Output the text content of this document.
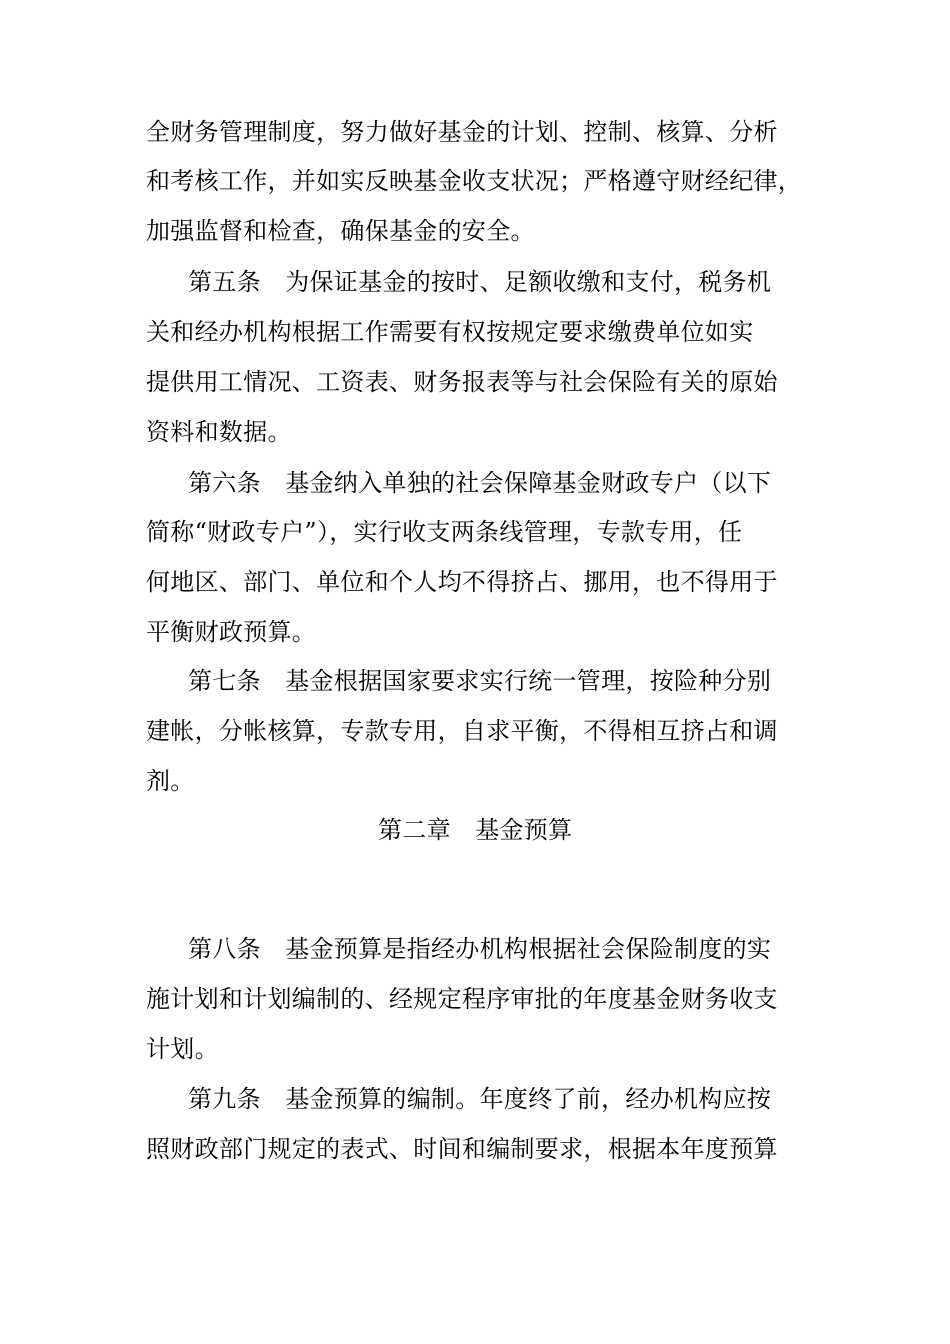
全财务管理制度，努力做好基金的计划、控制、核算、分析
和考核工作，并如实反映基金收支状况；严格遵守财经纪律，
加强监督和检查，确保基金的安全。
第五条　为保证基金的按时、足额收缴和支付，税务机
关和经办机构根据工作需要有权按规定要求缴费单位如实
提供用工情况、工资表、财务报表等与社会保险有关的原始
资料和数据。
第六条　基金纳入单独的社会保障基金财政专户（以下
简称“财政专户”），实行收支两条线管理，专款专用，任
何地区、部门、单位和个人均不得挤占、挪用，也不得用于
平衡财政预算。
第七条　基金根据国家要求实行统一管理，按险种分别
建帐，分帐核算，专款专用，自求平衡，不得相互挤占和调
剂。
第二章　基金预算
第八条　基金预算是指经办机构根据社会保险制度的实
施计划和计划编制的、经规定程序审批的年度基金财务收支
计划。
第九条　基金预算的编制。年度终了前，经办机构应按
照财政部门规定的表式、时间和编制要求，根据本年度预算
